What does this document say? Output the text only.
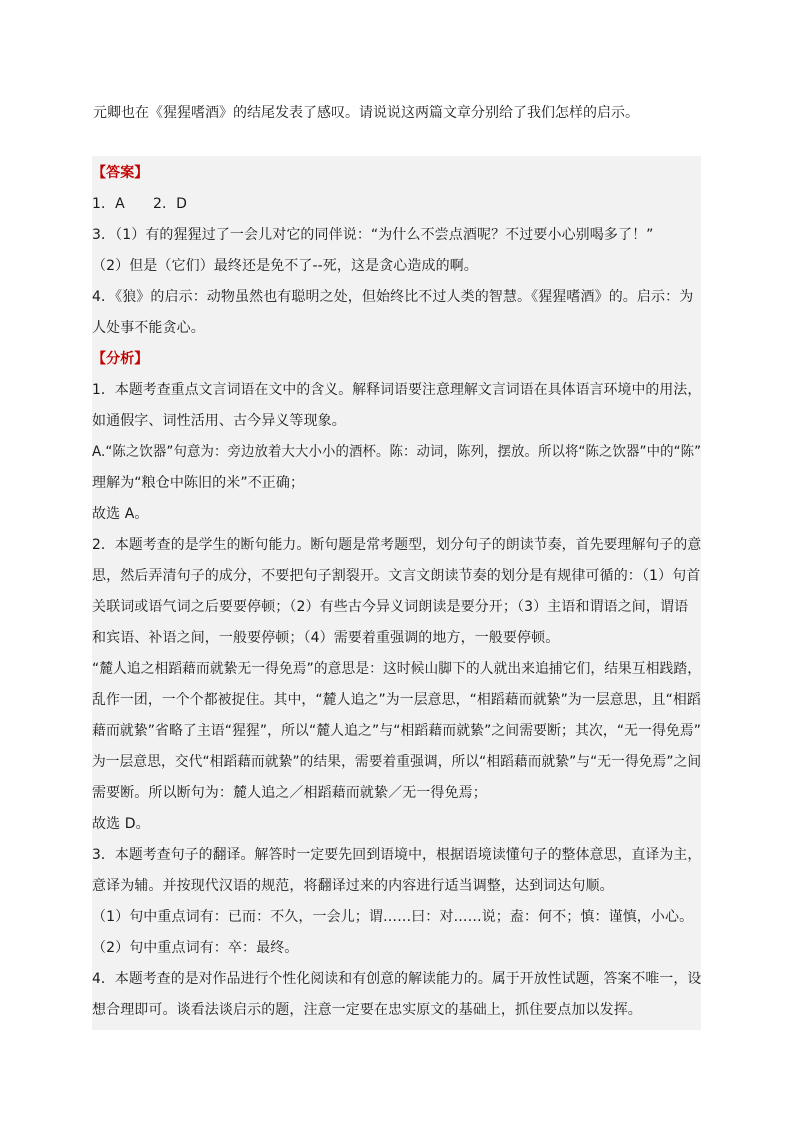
元卿也在《猩猩嗜酒》的结尾发表了感叹。请说说这两篇文章分别给了我们怎样的启示。
【答案】
1．A　　2．D
3．（1）有的猩猩过了一会儿对它的同伴说：“为什么不尝点酒呢？不过要小心别喝多了！”
（2）但是（它们）最终还是免不了--死，这是贪心造成的啊。
4．《狼》的启示：动物虽然也有聪明之处，但始终比不过人类的智慧。《猩猩嗜酒》的。启示：为
人处事不能贪心。
【分析】
1．本题考查重点文言词语在文中的含义。解释词语要注意理解文言词语在具体语言环境中的用法，
如通假字、词性活用、古今异义等现象。
A.“陈之饮器”句意为：旁边放着大大小小的酒杯。陈：动词，陈列，摆放。所以将“陈之饮器”中的“陈”
理解为“粮仓中陈旧的米”不正确；
故选 A。
2．本题考查的是学生的断句能力。断句题是常考题型，划分句子的朗读节奏，首先要理解句子的意
思，然后弄清句子的成分，不要把句子割裂开。文言文朗读节奏的划分是有规律可循的：（1）句首
关联词或语气词之后要要停顿；（2）有些古今异义词朗读是要分开；（3）主语和谓语之间，谓语
和宾语、补语之间，一般要停顿；（4）需要着重强调的地方，一般要停顿。
“麓人追之相蹈藉而就絷无一得免焉”的意思是：这时候山脚下的人就出来追捕它们，结果互相践踏，
乱作一团，一个个都被捉住。其中，“麓人追之”为一层意思，“相蹈藉而就絷”为一层意思，且“相蹈
藉而就絷”省略了主语“猩猩”，所以“麓人追之”与“相蹈藉而就絷”之间需要断；其次，“无一得免焉”
为一层意思，交代“相蹈藉而就絷”的结果，需要着重强调，所以“相蹈藉而就絷”与“无一得免焉”之间
需要断。所以断句为：麓人追之／相蹈藉而就絷／无一得免焉；
故选 D。
3．本题考查句子的翻译。解答时一定要先回到语境中，根据语境读懂句子的整体意思，直译为主，
意译为辅。并按现代汉语的规范，将翻译过来的内容进行适当调整，达到词达句顺。
（1）句中重点词有：已而：不久，一会儿；谓……曰：对……说；盍：何不；慎：谨慎，小心。
（2）句中重点词有：卒：最终。
4．本题考查的是对作品进行个性化阅读和有创意的解读能力的。属于开放性试题，答案不唯一，设
想合理即可。谈看法谈启示的题，注意一定要在忠实原文的基础上，抓住要点加以发挥。
